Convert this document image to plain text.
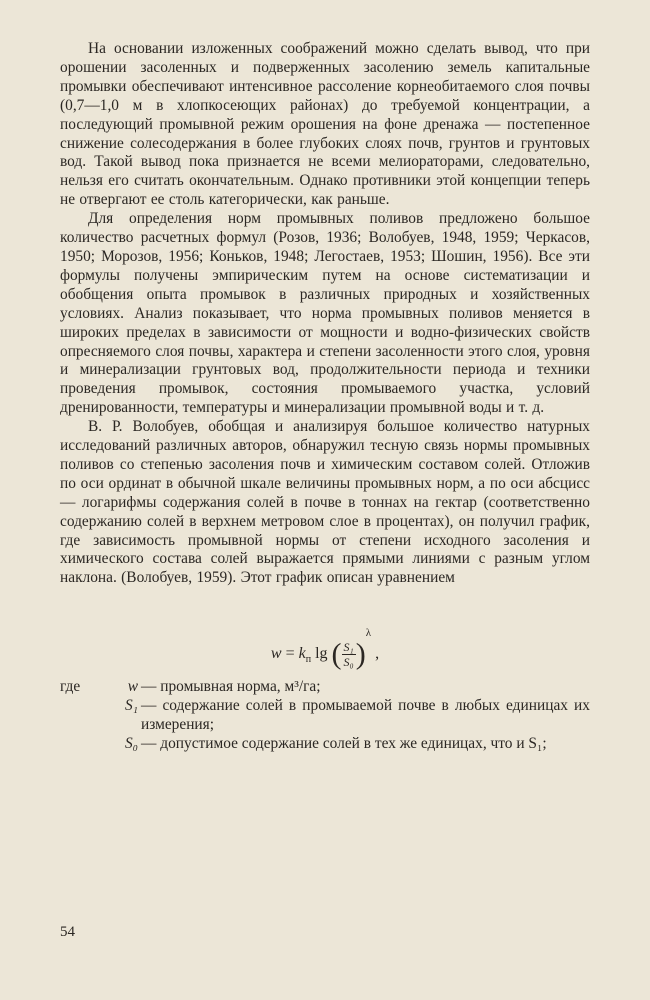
На основании изложенных соображений можно сделать вывод, что при орошении засоленных и подверженных засолению земель капитальные промывки обеспечивают интенсивное рассоление корнеобитаемого слоя почвы (0,7—1,0 м в хлопкосеющих районах) до требуемой концентрации, а последующий промывной режим орошения на фоне дренажа — постепенное снижение солесодержания в более глубоких слоях почв, грунтов и грунтовых вод. Такой вывод пока признается не всеми мелиораторами, следовательно, нельзя его считать окончательным. Однако противники этой концепции теперь не отвергают ее столь категорически, как раньше.

Для определения норм промывных поливов предложено большое количество расчетных формул (Розов, 1936; Волобуев, 1948, 1959; Черкасов, 1950; Морозов, 1956; Коньков, 1948; Легостаев, 1953; Шошин, 1956). Все эти формулы получены эмпирическим путем на основе систематизации и обобщения опыта промывок в различных природных и хозяйственных условиях. Анализ показывает, что норма промывных поливов меняется в широких пределах в зависимости от мощности и водно-физических свойств опресняемого слоя почвы, характера и степени засоленности этого слоя, уровня и минерализации грунтовых вод, продолжительности периода и техники проведения промывок, состояния промываемого участка, условий дренированности, температуры и минерализации промывной воды и т. д.

В. Р. Волобуев, обобщая и анализируя большое количество натурных исследований различных авторов, обнаружил тесную связь нормы промывных поливов со степенью засоления почв и химическим составом солей. Отложив по оси ординат в обычной шкале величины промывных норм, а по оси абсцисс — логарифмы содержания солей в почве в тоннах на гектар (соответственно содержанию солей в верхнем метровом слое в процентах), он получил график, где зависимость промывной нормы от степени исходного засоления и химического состава солей выражается прямыми линиями с разным углом наклона. (Волобуев, 1959). Этот график описан уравнением

$w = k_п$ lg ( $\frac{\text{S₁}}{\text{S₀}} )^\lambda$ ,
где	w — промывная норма, м³/га;
S₁ — содержание солей в промываемой почве в любых единицах их измерения;
S₀ — допустимое содержание солей в тех же единицах, что и S₁;
54
